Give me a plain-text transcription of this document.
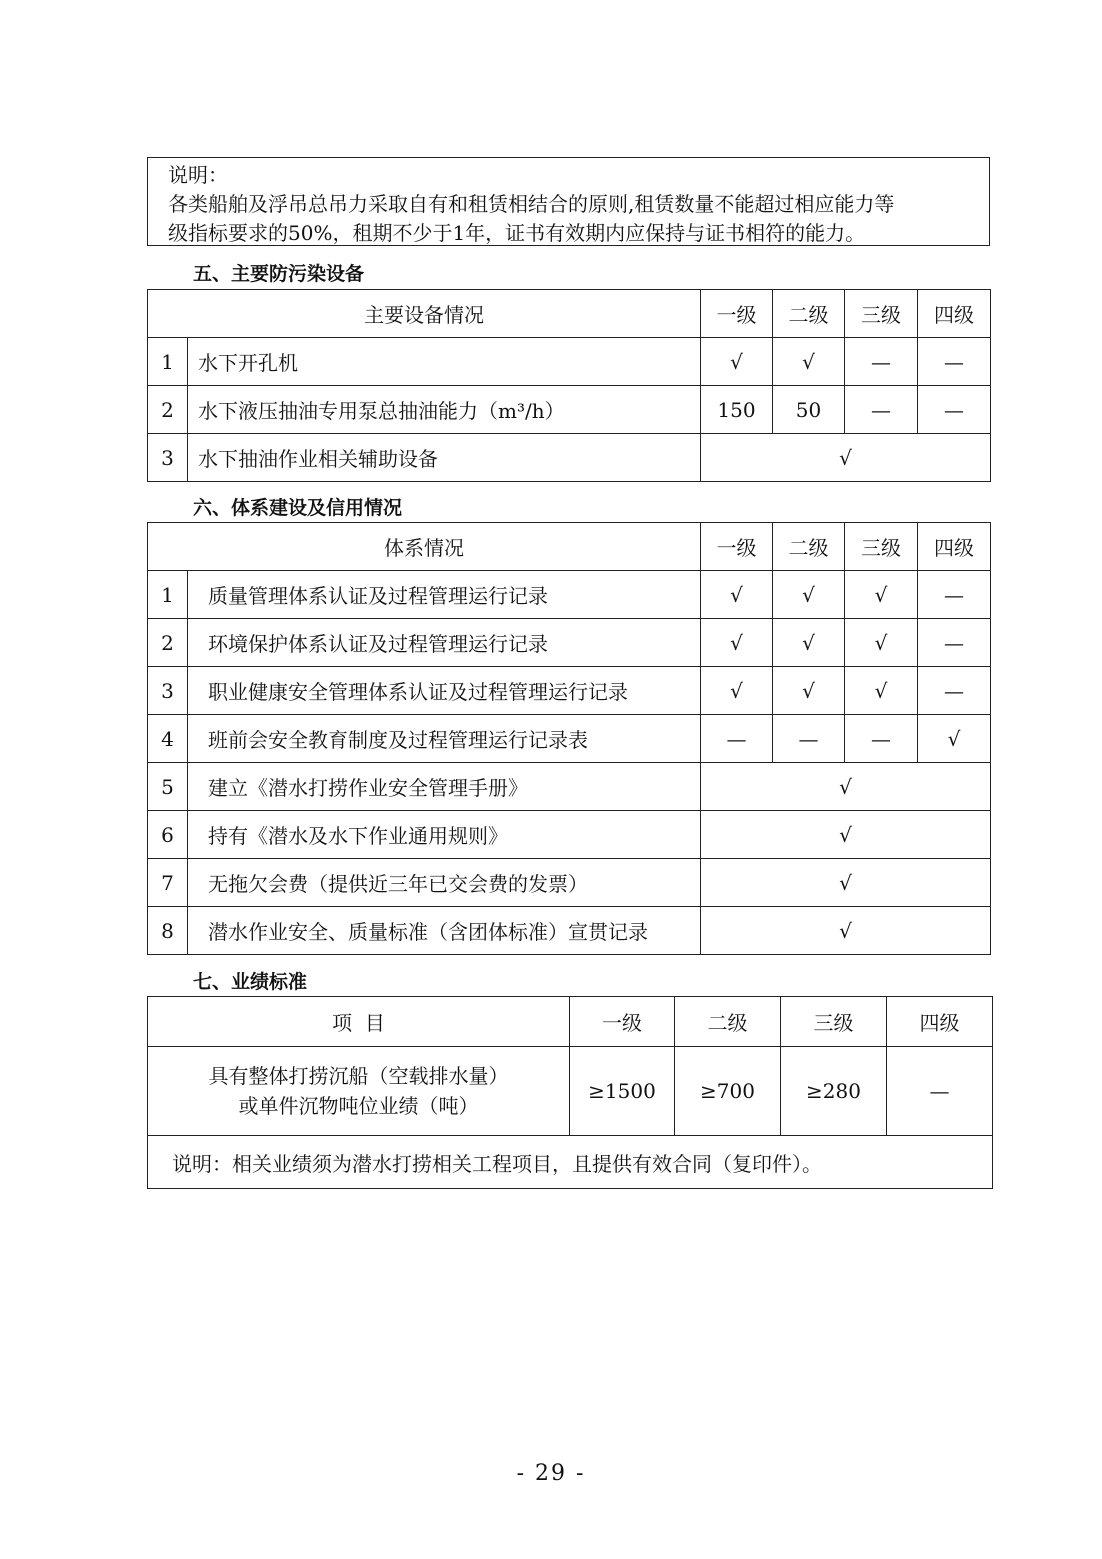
说明：
各类船舶及浮吊总吊力采取自有和租赁相结合的原则,租赁数量不能超过相应能力等
级指标要求的50%，租期不少于1年，证书有效期内应保持与证书相符的能力。
五、主要防污染设备
主要设备情况		一级	二级	三级	四级
1	水下开孔机	√	√	—	—
2	水下液压抽油专用泵总抽油能力（m³/h）	150	50	—	—
3	水下抽油作业相关辅助设备	√			
六、体系建设及信用情况
体系情况		一级	二级	三级	四级
1	质量管理体系认证及过程管理运行记录	√	√	√	—
2	环境保护体系认证及过程管理运行记录	√	√	√	—
3	职业健康安全管理体系认证及过程管理运行记录	√	√	√	—
4	班前会安全教育制度及过程管理运行记录表	—	—	—	√
5	建立《潜水打捞作业安全管理手册》	√			
6	持有《潜水及水下作业通用规则》	√			
7	无拖欠会费（提供近三年已交会费的发票）	√			
8	潜水作业安全、质量标准（含团体标准）宣贯记录	√			
七、业绩标准
项  目	一级	二级	三级	四级

具有整体打捞沉船（空载排水量）
或单件沉物吨位业绩（吨）	≥1500	≥700	≥280	—
说明：相关业绩须为潜水打捞相关工程项目，且提供有效合同（复印件）。				
- 29 -
